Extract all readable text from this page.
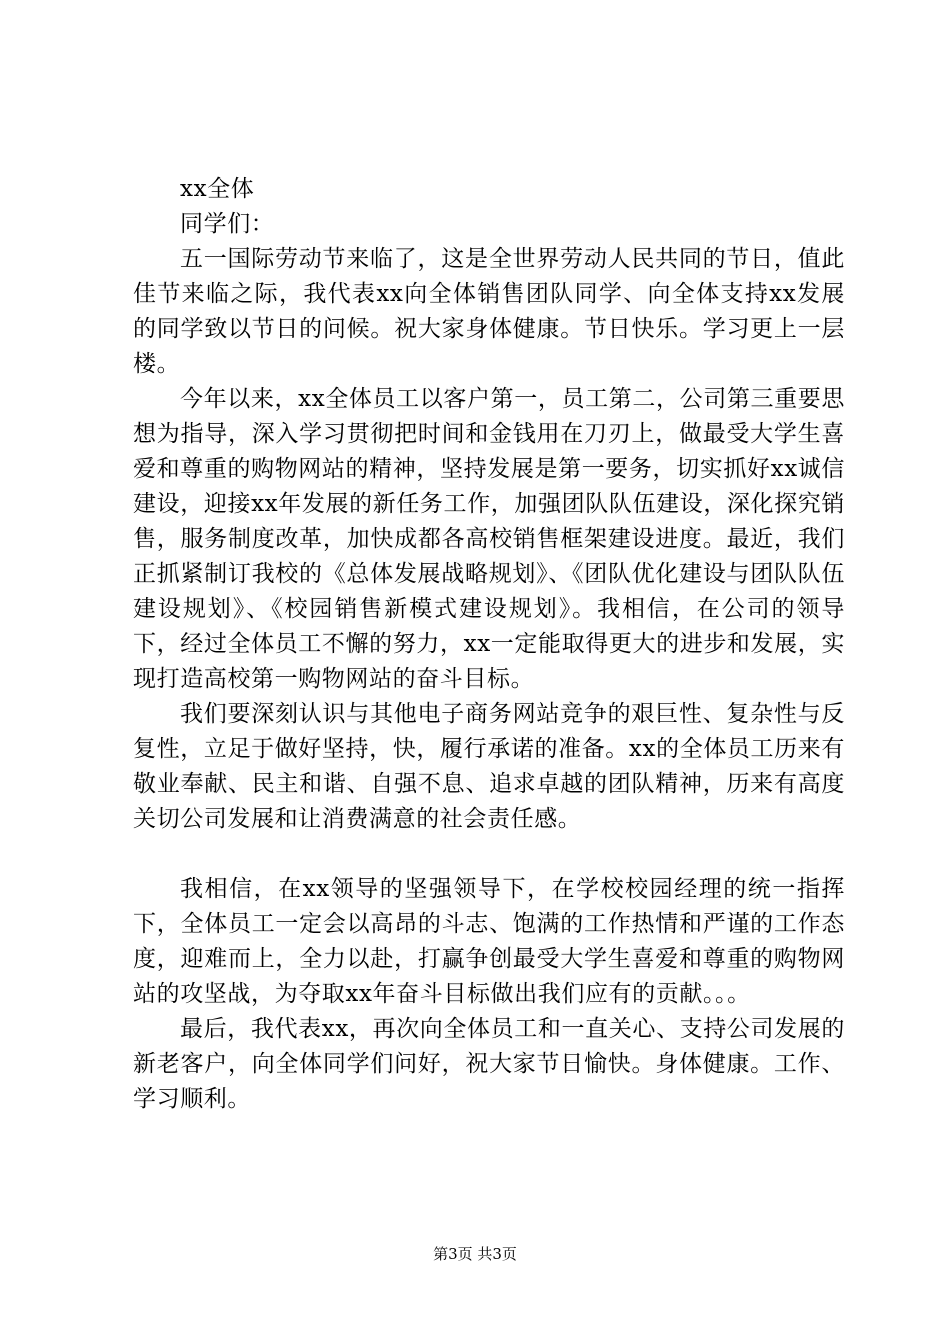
xx全体

同学们：

五一国际劳动节来临了，这是全世界劳动人民共同的节日，值此佳节来临之际，我代表xx向全体销售团队同学、向全体支持xx发展的同学致以节日的问候。祝大家身体健康。节日快乐。学习更上一层楼。

今年以来，xx全体员工以客户第一，员工第二，公司第三重要思想为指导，深入学习贯彻把时间和金钱用在刀刃上，做最受大学生喜爱和尊重的购物网站的精神，坚持发展是第一要务，切实抓好xx诚信建设，迎接xx年发展的新任务工作，加强团队队伍建设，深化探究销售，服务制度改革，加快成都各高校销售框架建设进度。最近，我们正抓紧制订我校的《总体发展战略规划》、《团队优化建设与团队队伍建设规划》、《校园销售新模式建设规划》。我相信，在公司的领导下，经过全体员工不懈的努力，xx一定能取得更大的进步和发展，实现打造高校第一购物网站的奋斗目标。

我们要深刻认识与其他电子商务网站竞争的艰巨性、复杂性与反复性，立足于做好坚持，快，履行承诺的准备。xx的全体员工历来有敬业奉献、民主和谐、自强不息、追求卓越的团队精神，历来有高度关切公司发展和让消费满意的社会责任感。

我相信，在xx领导的坚强领导下，在学校校园经理的统一指挥下，全体员工一定会以高昂的斗志、饱满的工作热情和严谨的工作态度，迎难而上，全力以赴，打赢争创最受大学生喜爱和尊重的购物网站的攻坚战，为夺取xx年奋斗目标做出我们应有的贡献。。。

最后，我代表xx，再次向全体员工和一直关心、支持公司发展的新老客户，向全体同学们问好，祝大家节日愉快。身体健康。工作、学习顺利。

第3页 共3页
